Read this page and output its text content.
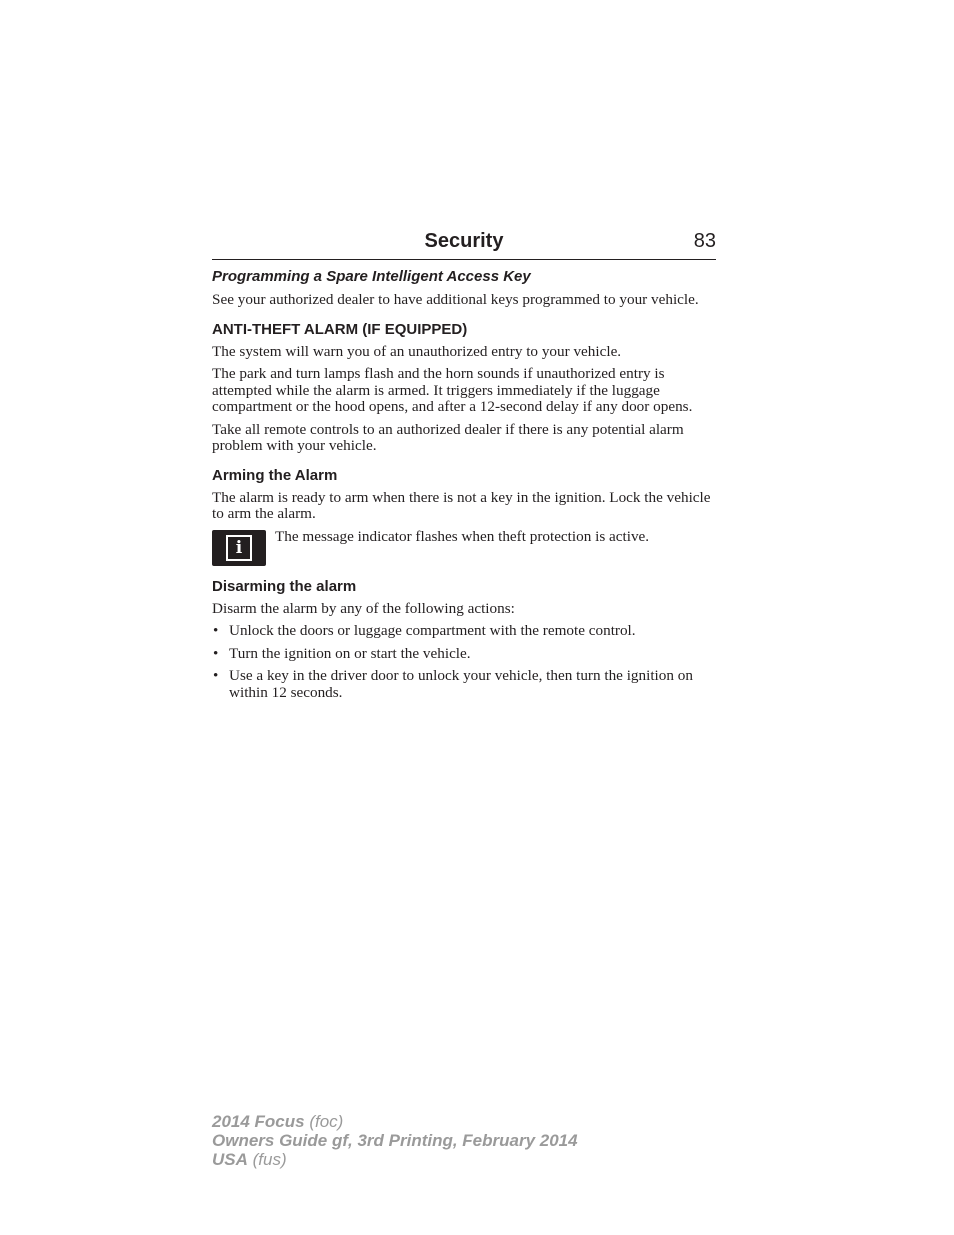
Security	83
Programming a Spare Intelligent Access Key

See your authorized dealer to have additional keys programmed to your vehicle.

ANTI-THEFT ALARM (IF EQUIPPED)

The system will warn you of an unauthorized entry to your vehicle.

The park and turn lamps flash and the horn sounds if unauthorized entry is attempted while the alarm is armed. It triggers immediately if the luggage compartment or the hood opens, and after a 12-second delay if any door opens.

Take all remote controls to an authorized dealer if there is any potential alarm problem with your vehicle.

Arming the Alarm

The alarm is ready to arm when there is not a key in the ignition. Lock the vehicle to arm the alarm.

i

The message indicator flashes when theft protection is active.

Disarming the alarm

Disarm the alarm by any of the following actions:

• Unlock the doors or luggage compartment with the remote control.
• Turn the ignition on or start the vehicle.
• Use a key in the driver door to unlock your vehicle, then turn the ignition on within 12 seconds.
2014 Focus (foc)
Owners Guide gf, 3rd Printing, February 2014
USA (fus)
